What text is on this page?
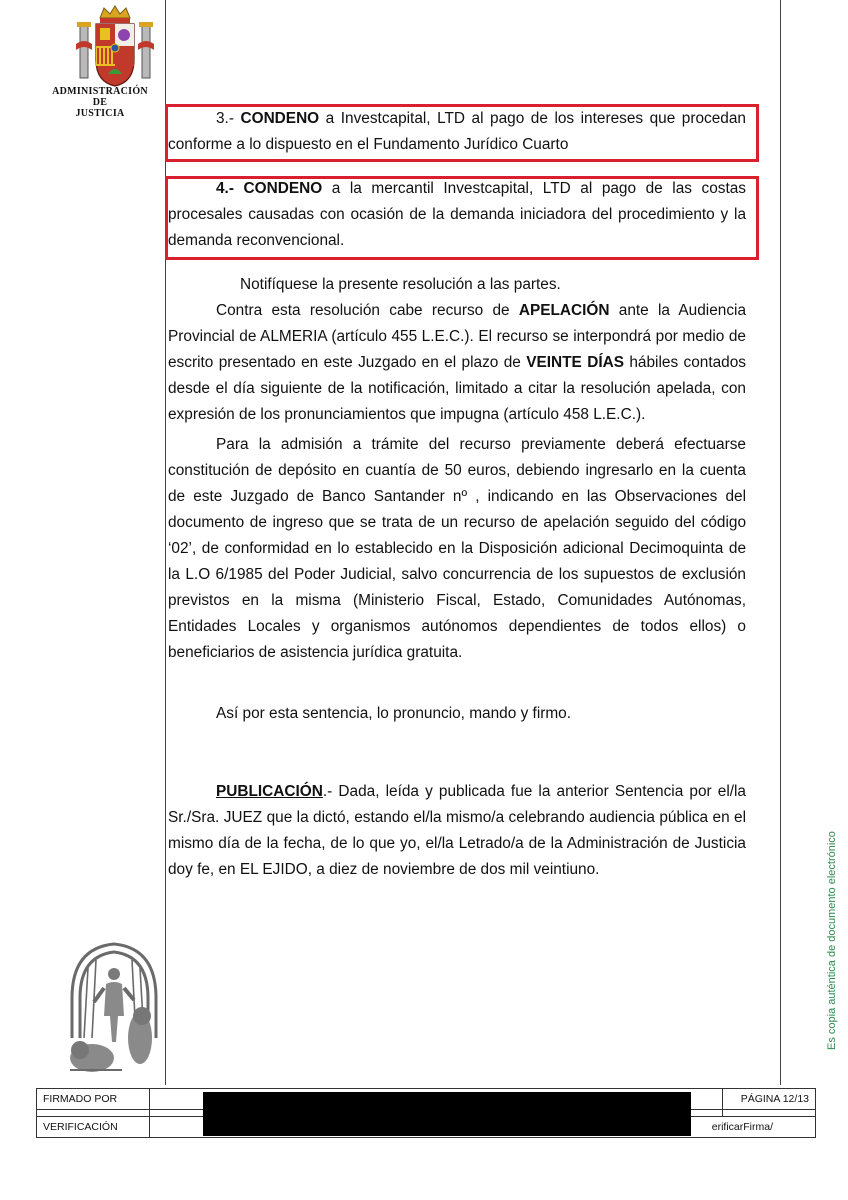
ADMINISTRACIÓN
DE
JUSTICIA	3.- CONDENO a Investcapital, LTD al pago de los intereses que procedan conforme a lo dispuesto en el Fundamento Jurídico Cuarto

4.- CONDENO a la mercantil Investcapital, LTD al pago de las costas procesales causadas con ocasión de la demanda iniciadora del procedimiento y la demanda reconvencional.

Notifíquese la presente resolución a las partes.

Contra esta resolución cabe recurso de APELACIÓN ante la Audiencia Provincial de ALMERIA (artículo 455 L.E.C.). El recurso se interpondrá por medio de escrito presentado en este Juzgado en el plazo de VEINTE DÍAS hábiles contados desde el día siguiente de la notificación, limitado a citar la resolución apelada, con expresión de los pronunciamientos que impugna (artículo 458 L.E.C.).

Para la admisión a trámite del recurso previamente deberá efectuarse constitución de depósito en cuantía de 50 euros, debiendo ingresarlo en la cuenta de este Juzgado de Banco Santander nº , indicando en las Observaciones del documento de ingreso que se trata de un recurso de apelación seguido del código ‘02’, de conformidad en lo establecido en la Disposición adicional Decimoquinta de la L.O 6/1985 del Poder Judicial, salvo concurrencia de los supuestos de exclusión previstos en la misma (Ministerio Fiscal, Estado, Comunidades Autónomas, Entidades Locales y organismos autónomos dependientes de todos ellos) o beneficiarios de asistencia jurídica gratuita.

Así por esta sentencia, lo pronuncio, mando y firmo.

PUBLICACIÓN.- Dada, leída y publicada fue la anterior Sentencia por el/la Sr./Sra. JUEZ que la dictó, estando el/la mismo/a celebrando audiencia pública en el mismo día de la fecha, de lo que yo, el/la Letrado/a de la Administración de Justicia doy fe, en EL EJIDO, a diez de noviembre de dos mil veintiuno.	Es copia auténtica de documento electrónico
FIRMADO POR		PÁGINA 12/13

VERIFICACIÓN	erificarFirma/	
